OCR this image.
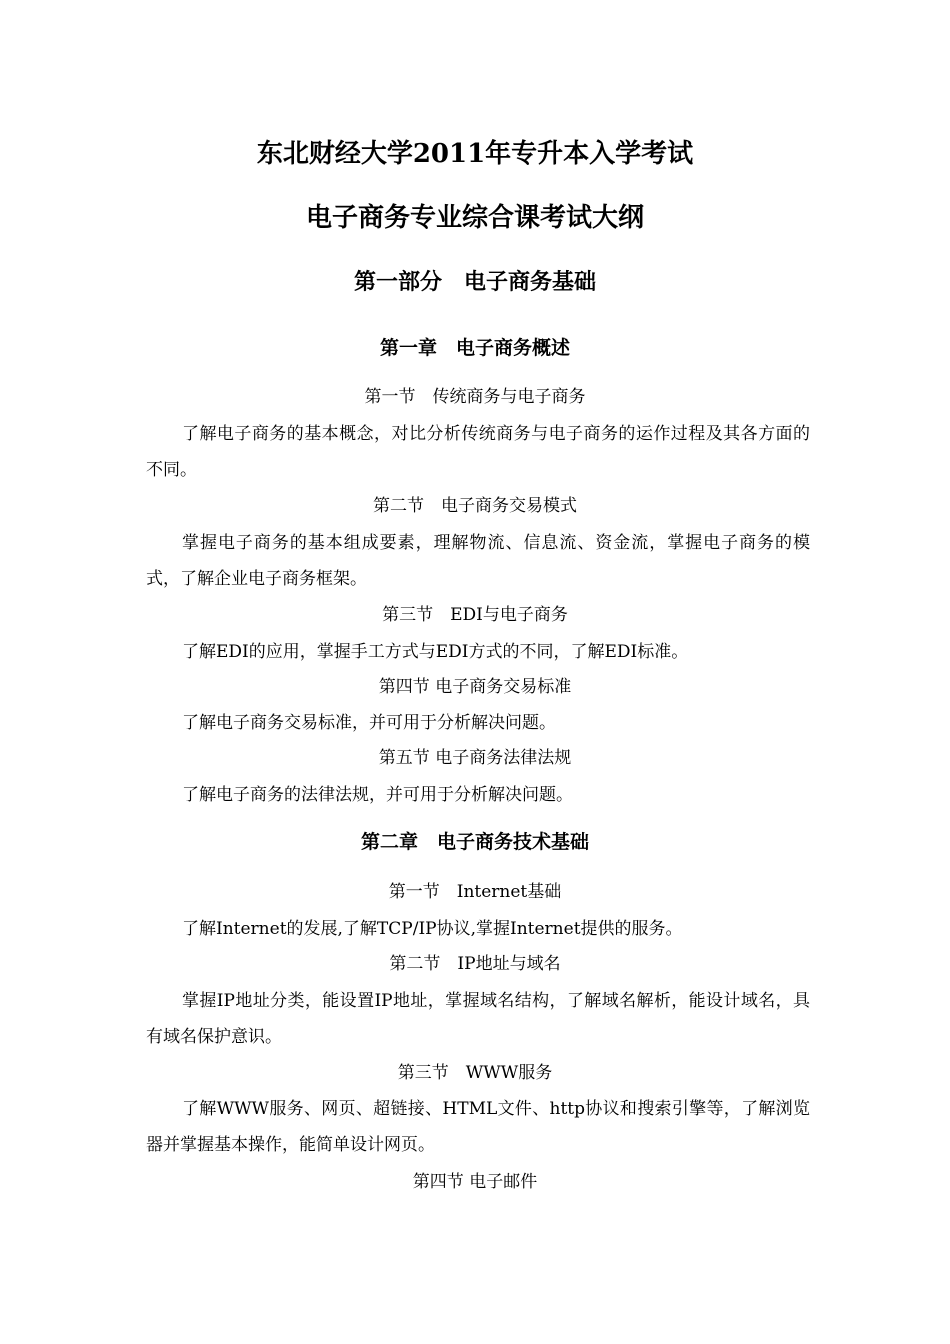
东北财经大学2011年专升本入学考试
电子商务专业综合课考试大纲
第一部分　电子商务基础
第一章　电子商务概述
第一节　传统商务与电子商务
了解电子商务的基本概念，对比分析传统商务与电子商务的运作过程及其各方面的不同。
第二节　电子商务交易模式
掌握电子商务的基本组成要素，理解物流、信息流、资金流，掌握电子商务的模式，了解企业电子商务框架。
第三节　EDI与电子商务
了解EDI的应用，掌握手工方式与EDI方式的不同，了解EDI标准。
第四节 电子商务交易标准
了解电子商务交易标准，并可用于分析解决问题。
第五节 电子商务法律法规
了解电子商务的法律法规，并可用于分析解决问题。
第二章　电子商务技术基础
第一节　Internet基础
了解Internet的发展,了解TCP/IP协议,掌握Internet提供的服务。
第二节　IP地址与域名
掌握IP地址分类，能设置IP地址，掌握域名结构，了解域名解析，能设计域名，具有域名保护意识。
第三节　WWW服务
了解WWW服务、网页、超链接、HTML文件、http协议和搜索引擎等，了解浏览器并掌握基本操作，能简单设计网页。
第四节 电子邮件
